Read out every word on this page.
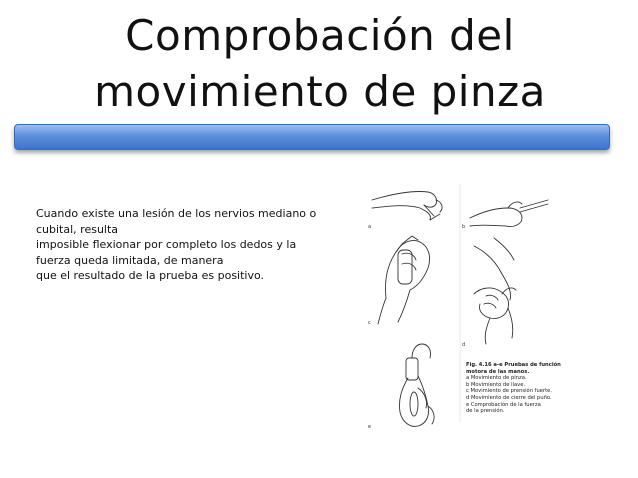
Comprobación del
movimiento de pinza
Cuando existe una lesión de los nervios mediano o
cubital, resulta
imposible flexionar por completo los dedos y la
fuerza queda limitada, de manera
que el resultado de la prueba es positivo.
a	b
c
d
e
Fig. 4.16 a-e Pruebas de función
motora de las manos.
a Movimiento de pinza.
b Movimiento de llave.
c Movimiento de prensión fuerte.
d Movimiento de cierre del puño.
e Comprobación de la fuerza
de la prensión.
